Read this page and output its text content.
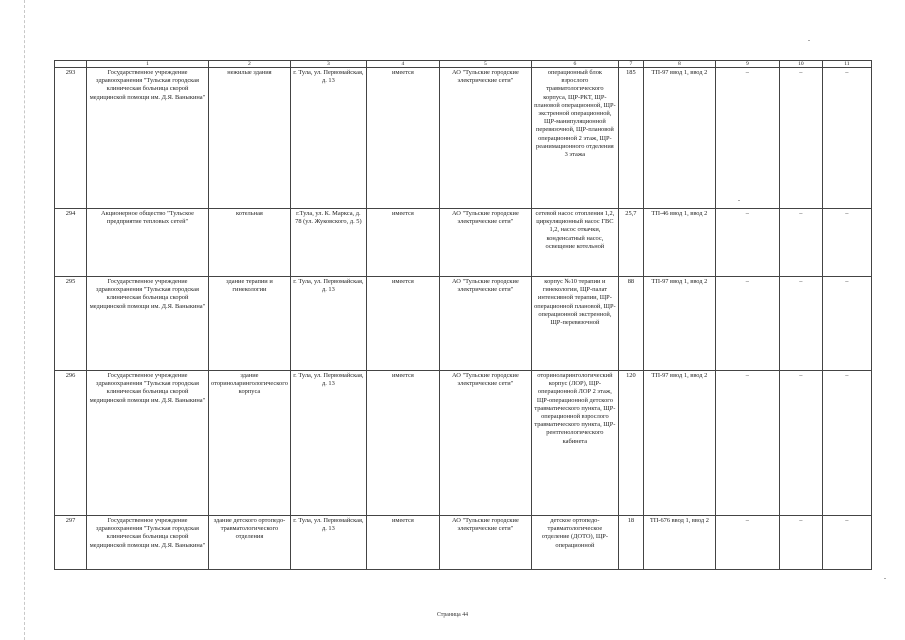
	1	2	3	4	5	6	7	8	9	10	11
293	Государственное учреждение здравоохранения "Тульская городская клиническая больница скорой медицинской помощи им. Д.Я. Ваныкина"	нежилые здания	г. Тула, ул. Первомайская, д. 13	имеется	АО "Тульские городские электрические сети"	операционный блок взрослого травматологического корпуса, ЩР-РКТ, ЩР-плановой операционной, ЩР-экстренной операционной, ЩР-манипуляционной перевязочной, ЩР-плановой операционной 2 этаж, ЩР-реанимационного отделения 3 этажа	185	ТП-97 ввод 1, ввод 2	–	–	–
294	Акционерное общество "Тульское предприятие тепловых сетей"	котельная	г.Тула, ул. К. Маркса, д. 78 (ул. Жуковского, д. 5)	имеется	АО "Тульские городские электрические сети"	сетевой насос отопления 1,2, циркуляционный насос ГВС 1,2, насос откачки, конденсатный насос, освещение котельной	25,7	ТП-46 ввод 1, ввод 2	–	–	–
295	Государственное учреждение здравоохранения "Тульская городская клиническая больница скорой медицинской помощи им. Д.Я. Ваныкина"	здание терапии и гинекологии	г. Тула, ул. Первомайская, д. 13	имеется	АО "Тульские городские электрические сети"	корпус №10 терапии и гинекологии, ЩР-палат интенсивной терапии, ЩР-операционной плановой, ЩР-операционной экстренной, ЩР-перевязочной	88	ТП-97 ввод 1, ввод 2	–	–	–
296	Государственное учреждение здравоохранения "Тульская городская клиническая больница скорой медицинской помощи им. Д.Я. Ваныкина"	здание оториноларингологического корпуса	г. Тула, ул. Первомайская, д. 13	имеется	АО "Тульские городские электрические сети"	оториноларингологический корпус (ЛОР), ЩР-операционной ЛОР 2 этаж, ЩР-операционной детского травматического пункта, ЩР-операционной взрослого травматического пункта, ЩР-рентгенологического кабинета	120	ТП-97 ввод 1, ввод 2	–	–	–
297	Государственное учреждение здравоохранения "Тульская городская клиническая больница скорой медицинской помощи им. Д.Я. Ваныкина"	здание детского ортопедо-травматологического отделения	г. Тула, ул. Первомайская, д. 13	имеется	АО "Тульские городские электрические сети"	детское ортопедо-травматологическое отделение (ДОТО), ЩР-операционной	18	ТП-676 ввод 1, ввод 2	–	–	–
Страница 44
